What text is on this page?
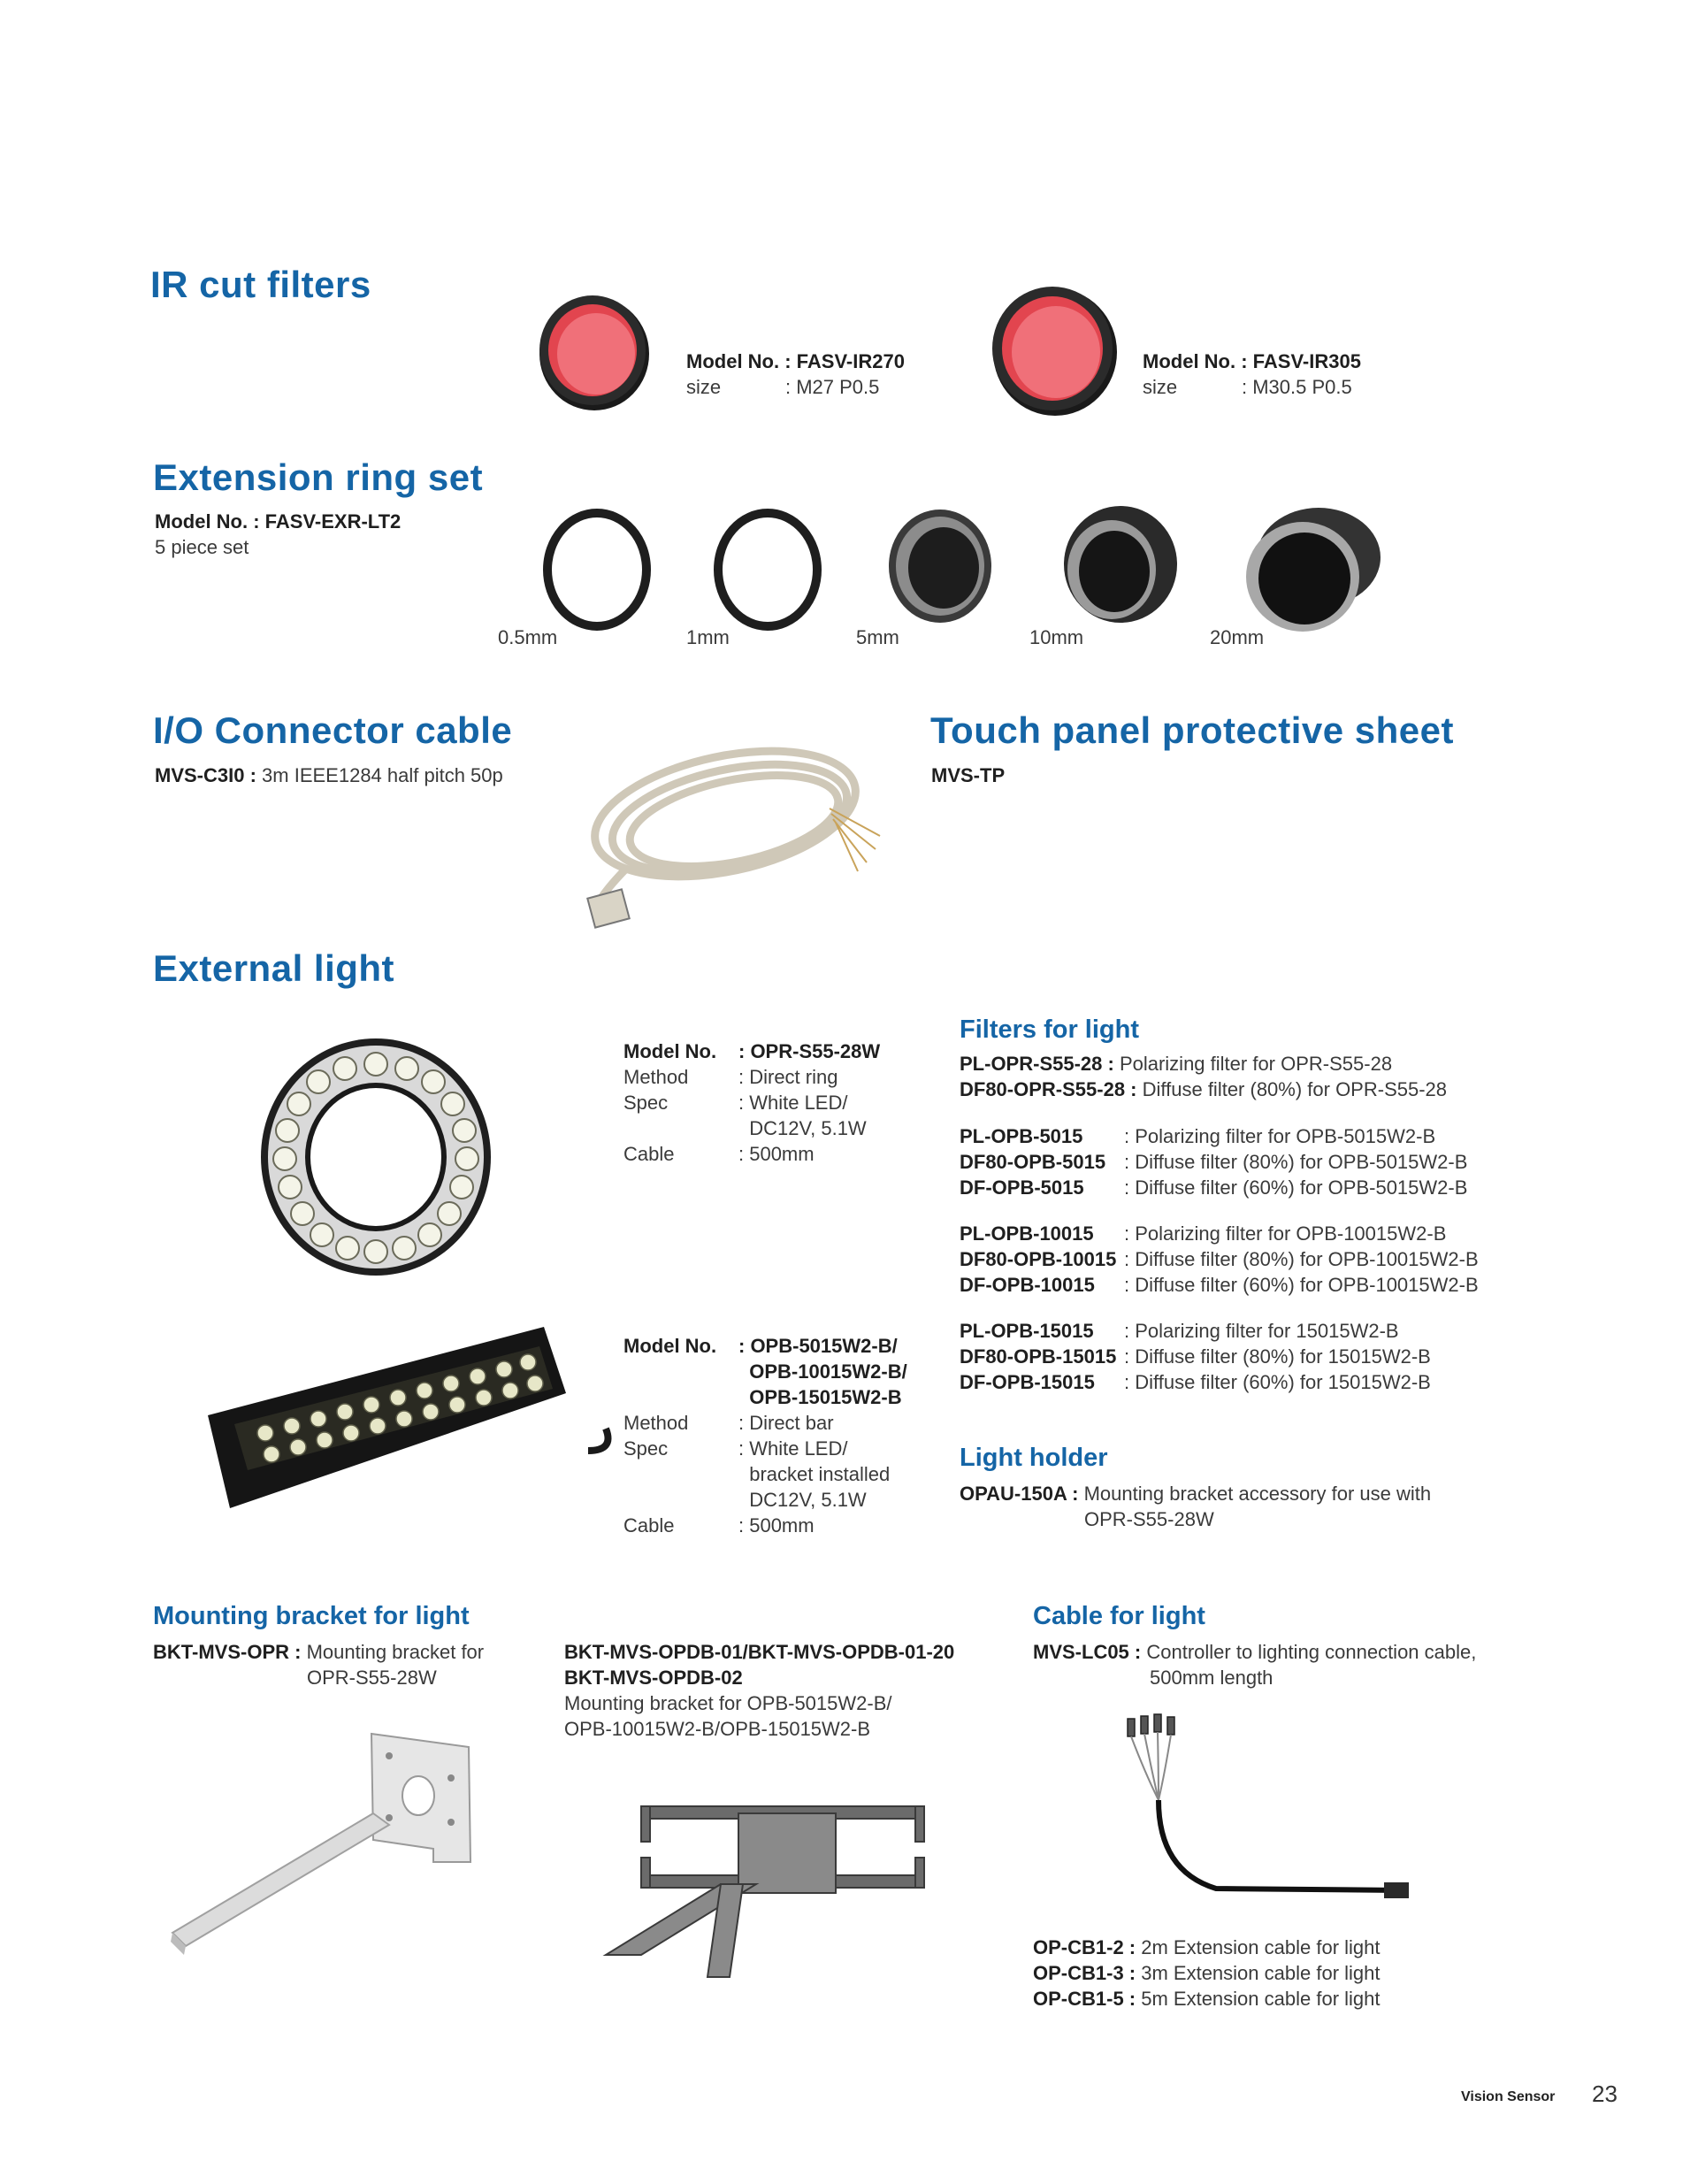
IR cut filters
Model No. : FASV-IR270
size	: M27 P0.5
Model No. : FASV-IR305
size	: M30.5 P0.5
Extension ring set
Model No. : FASV-EXR-LT2
5 piece set
0.5mm	1mm	5mm	10mm	20mm
I/O Connector cable
MVS-C3I0 : 3m IEEE1284 half pitch 50p
Touch panel protective sheet
MVS-TP
External light
Model No.	: OPR-S55-28W
Method	: Direct ring
Spec	: White LED/
DC12V, 5.1W
Cable	: 500mm
Model No.	: OPB-5015W2-B/
OPB-10015W2-B/
OPB-15015W2-B
Method	: Direct bar
Spec	: White LED/
bracket installed
DC12V, 5.1W
Cable	: 500mm
Filters for light
PL-OPR-S55-28 : Polarizing filter for OPR-S55-28
DF80-OPR-S55-28 : Diffuse filter (80%) for OPR-S55-28
PL-OPB-5015	: Polarizing filter for OPB-5015W2-B
DF80-OPB-5015 : Diffuse filter (80%) for OPB-5015W2-B
DF-OPB-5015	: Diffuse filter (60%) for OPB-5015W2-B
PL-OPB-10015	: Polarizing filter for OPB-10015W2-B
DF80-OPB-10015 : Diffuse filter (80%) for OPB-10015W2-B
DF-OPB-10015	: Diffuse filter (60%) for OPB-10015W2-B
PL-OPB-15015	: Polarizing filter for 15015W2-B
DF80-OPB-15015 : Diffuse filter (80%) for 15015W2-B
DF-OPB-15015	: Diffuse filter (60%) for 15015W2-B
Light holder
OPAU-150A : Mounting bracket accessory for use with
OPR-S55-28W
Mounting bracket for light
BKT-MVS-OPR : Mounting bracket for
OPR-S55-28W
BKT-MVS-OPDB-01/BKT-MVS-OPDB-01-20
BKT-MVS-OPDB-02
Mounting bracket for OPB-5015W2-B/
OPB-10015W2-B/OPB-15015W2-B
Cable for light
MVS-LC05 : Controller to lighting connection cable,
500mm length
OP-CB1-2 : 2m Extension cable for light
OP-CB1-3 : 3m Extension cable for light
OP-CB1-5 : 5m Extension cable for light
Vision Sensor 23
